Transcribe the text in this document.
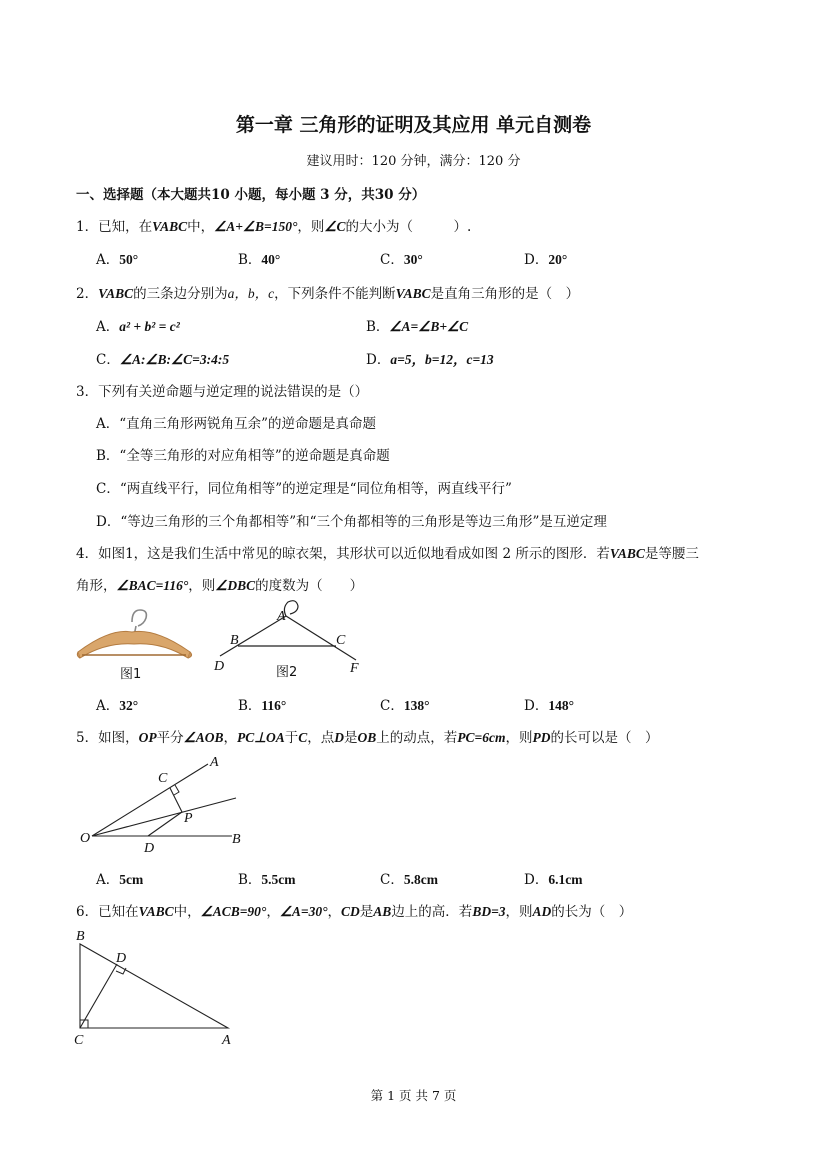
第一章 三角形的证明及其应用 单元自测卷
建议用时：120 分钟，满分：120 分
一、选择题（本大题共10 小题，每小题 3 分，共30 分）
1．已知，在VABC中，∠A+∠B=150°，则∠C的大小为（　　　）.
A．50°	B．40°	C．30°	D．20°
2．VABC的三条边分别为a，b，c，下列条件不能判断VABC是直角三角形的是（　）
A．a² + b² = c²	B．∠A=∠B+∠C
C．∠A:∠B:∠C=3:4:5	D．a=5，b=12，c=13
3．下列有关逆命题与逆定理的说法错误的是（）
A．“直角三角形两锐角互余”的逆命题是真命题
B．“全等三角形的对应角相等”的逆命题是真命题
C．“两直线平行，同位角相等”的逆定理是“同位角相等，两直线平行”
D．“等边三角形的三个角都相等”和“三个角都相等的三角形是等边三角形”是互逆定理
4．如图1，这是我们生活中常见的晾衣架，其形状可以近似地看成如图 2 所示的图形．若VABC是等腰三
角形，∠BAC=116°，则∠DBC的度数为（　　）
图1
A
B	C
D	F
图2
A．32°	B．116°	C．138°	D．148°
5．如图，OP平分∠AOB，PC⊥OA于C，点D是OB上的动点，若PC=6cm，则PD的长可以是（　）
A
C
P
O
D
B
A．5cm	B．5.5cm	C．5.8cm	D．6.1cm
6．已知在VABC中，∠ACB=90°，∠A=30°，CD是AB边上的高．若BD=3，则AD的长为（　）
B
D
C	A
第 1 页 共 7 页
